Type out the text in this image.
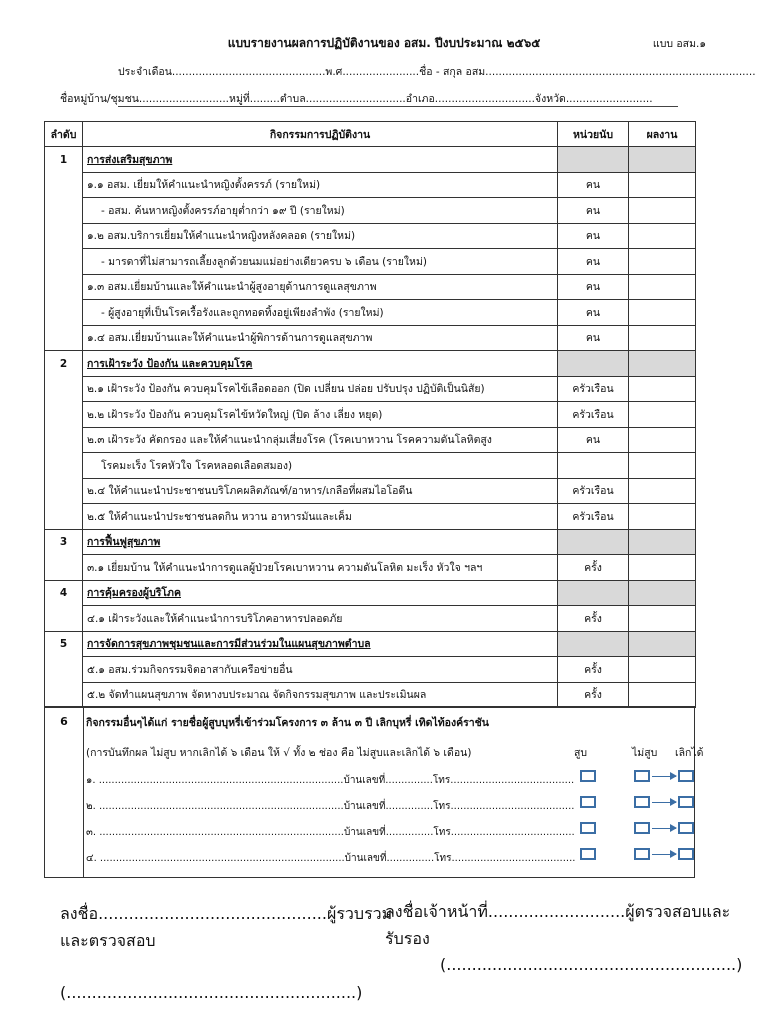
แบบรายงานผลการปฏิบัติงานของ อสม. ปีงบประมาณ ๒๕๖๕	แบบ อสม.๑
ประจำเดือน..............................................พ.ศ.......................ชื่อ - สกุล อสม.................................................................................
ชื่อหมู่บ้าน/ชุมชน...........................หมู่ที่.........ตำบล..............................อำเภอ..............................จังหวัด..........................
ลำดับ	กิจกรรมการปฏิบัติงาน	หน่วยนับ	ผลงาน
1	การส่งเสริมสุขภาพ		
	๑.๑ อสม. เยี่ยมให้คำแนะนำหญิงตั้งครรภ์ (รายใหม่)	คน	
	- อสม. ค้นหาหญิงตั้งครรภ์อายุต่ำกว่า ๑๙ ปี (รายใหม่)	คน	
	๑.๒ อสม.บริการเยี่ยมให้คำแนะนำหญิงหลังคลอด (รายใหม่)	คน	
	- มารดาที่ไม่สามารถเลี้ยงลูกด้วยนมแม่อย่างเดียวครบ ๖ เดือน (รายใหม่)	คน	
	๑.๓ อสม.เยี่ยมบ้านและให้คำแนะนำผู้สูงอายุด้านการดูแลสุขภาพ	คน	
	- ผู้สูงอายุที่เป็นโรคเรื้อรังและถูกทอดทิ้งอยู่เพียงลำพัง (รายใหม่)	คน	
	๑.๔ อสม.เยี่ยมบ้านและให้คำแนะนำผู้พิการด้านการดูแลสุขภาพ	คน	
2	การเฝ้าระวัง ป้องกัน และควบคุมโรค		
	๒.๑ เฝ้าระวัง ป้องกัน ควบคุมโรคไข้เลือดออก (ปิด เปลี่ยน ปล่อย ปรับปรุง ปฏิบัติเป็นนิสัย)	ครัวเรือน	
	๒.๒ เฝ้าระวัง ป้องกัน ควบคุมโรคไข้หวัดใหญ่ (ปิด ล้าง เลี่ยง หยุด)	ครัวเรือน	
	๒.๓ เฝ้าระวัง คัดกรอง และให้คำแนะนำกลุ่มเสี่ยงโรค (โรคเบาหวาน โรคความดันโลหิตสูง	คน	
	โรคมะเร็ง โรคหัวใจ โรคหลอดเลือดสมอง)		
	๒.๔ ให้คำแนะนำประชาชนบริโภคผลิตภัณฑ์/อาหาร/เกลือที่ผสมไอโอดีน	ครัวเรือน	
	๒.๕ ให้คำแนะนำประชาชนลดกิน หวาน อาหารมันและเค็ม	ครัวเรือน	
3	การฟื้นฟูสุขภาพ		
	๓.๑ เยี่ยมบ้าน ให้คำแนะนำการดูแลผู้ป่วยโรคเบาหวาน ความดันโลหิต มะเร็ง หัวใจ ฯลฯ	ครั้ง	
4	การคุ้มครองผู้บริโภค		
	๔.๑ เฝ้าระวังและให้คำแนะนำการบริโภคอาหารปลอดภัย	ครั้ง	
5	การจัดการสุขภาพชุมชนและการมีส่วนร่วมในแผนสุขภาพตำบล		
	๕.๑ อสม.ร่วมกิจกรรมจิตอาสากับเครือข่ายอื่น	ครั้ง	
	๕.๒ จัดทำแผนสุขภาพ จัดหางบประมาณ จัดกิจกรรมสุขภาพ และประเมินผล	ครั้ง	
6	กิจกรรมอื่นๆได้แก่ รายชื่อผู้สูบบุหรี่เข้าร่วมโครงการ ๓ ล้าน ๓ ปี เลิกบุหรี่ เทิดไท้องค์ราชัน
(การบันทึกผล ไม่สูบ หากเลิกได้ ๖ เดือน ให้ √ ทั้ง ๒ ช่อง คือ ไม่สูบและเลิกได้ ๖ เดือน)	สูบ	ไม่สูบ เลิกได้
๑. .............................................................................บ้านเลขที่...............โทร.......................................
๒. .............................................................................บ้านเลขที่...............โทร.......................................
๓. .............................................................................บ้านเลขที่...............โทร.......................................
๔. .............................................................................บ้านเลขที่...............โทร.......................................
ลงชื่อ.............................................ผู้รวบรวม
และตรวจสอบ
(.........................................................)
ลงชื่อเจ้าหน้าที่...........................ผู้ตรวจสอบและ
รับรอง
(.........................................................)
